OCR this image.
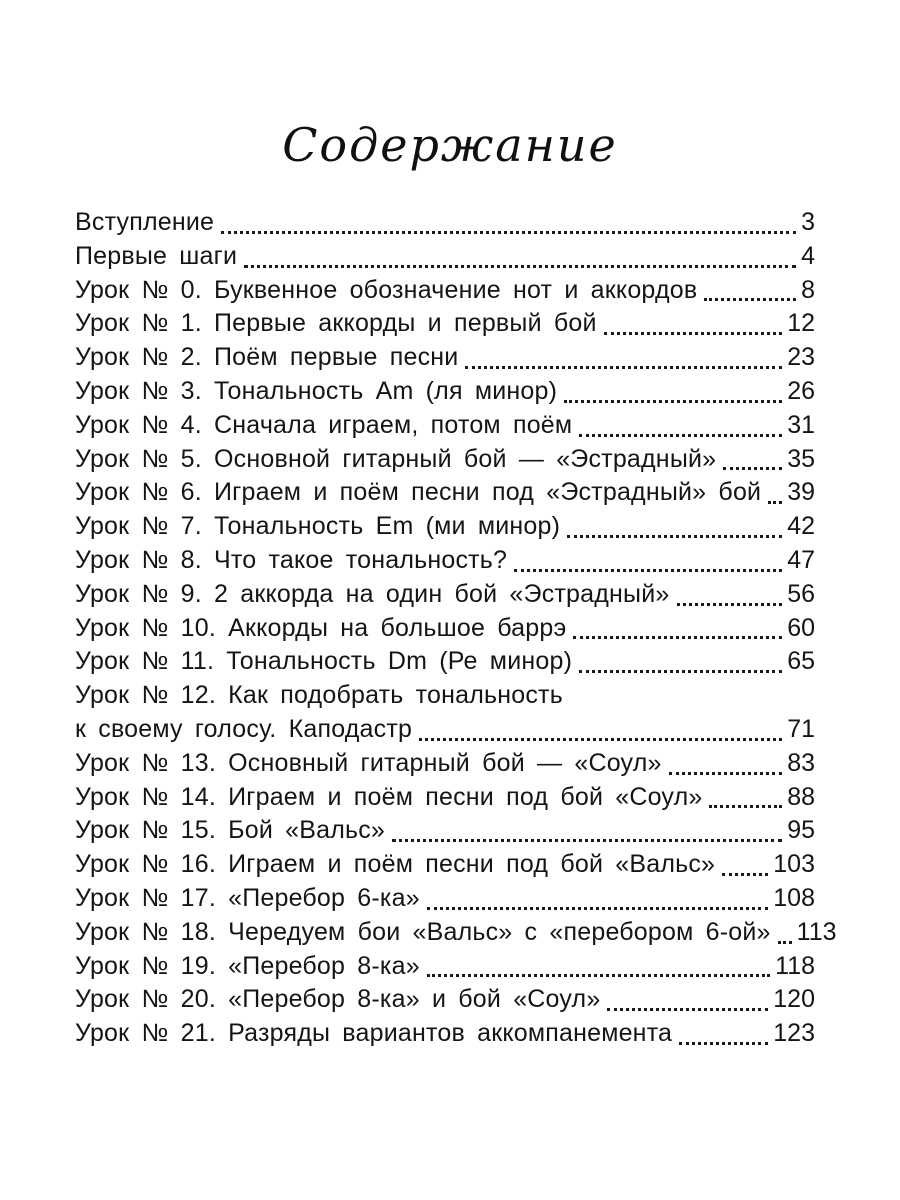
Содержание
Вступление	3
Первые шаги	4
Урок № 0. Буквенное обозначение нот и аккордов	8
Урок № 1. Первые аккорды и первый бой	12
Урок № 2. Поём первые песни	23
Урок № 3. Тональность Am (ля минор)	26
Урок № 4. Сначала играем, потом поём	31
Урок № 5. Основной гитарный бой — «Эстрадный»	35
Урок № 6. Играем и поём песни под «Эстрадный» бой 39
Урок № 7. Тональность Em (ми минор)	42
Урок № 8. Что такое тональность?	47
Урок № 9. 2 аккорда на один бой «Эстрадный»	56
Урок № 10. Аккорды на большое баррэ	60
Урок № 11. Тональность Dm (Ре минор)	65
Урок № 12. Как подобрать тональность
к своему голосу. Каподастр	71
Урок № 13. Основный гитарный бой — «Соул»	83
Урок № 14. Играем и поём песни под бой «Соул»	88
Урок № 15. Бой «Вальс»	95
Урок № 16. Играем и поём песни под бой «Вальс» 103
Урок № 17. «Перебор 6-ка»	108
Урок № 18. Чередуем бои «Вальс» с «перебором 6-ой» 113
Урок № 19. «Перебор 8-ка»	118
Урок № 20. «Перебор 8-ка» и бой «Соул»	120
Урок № 21. Разряды вариантов аккомпанемента	123
